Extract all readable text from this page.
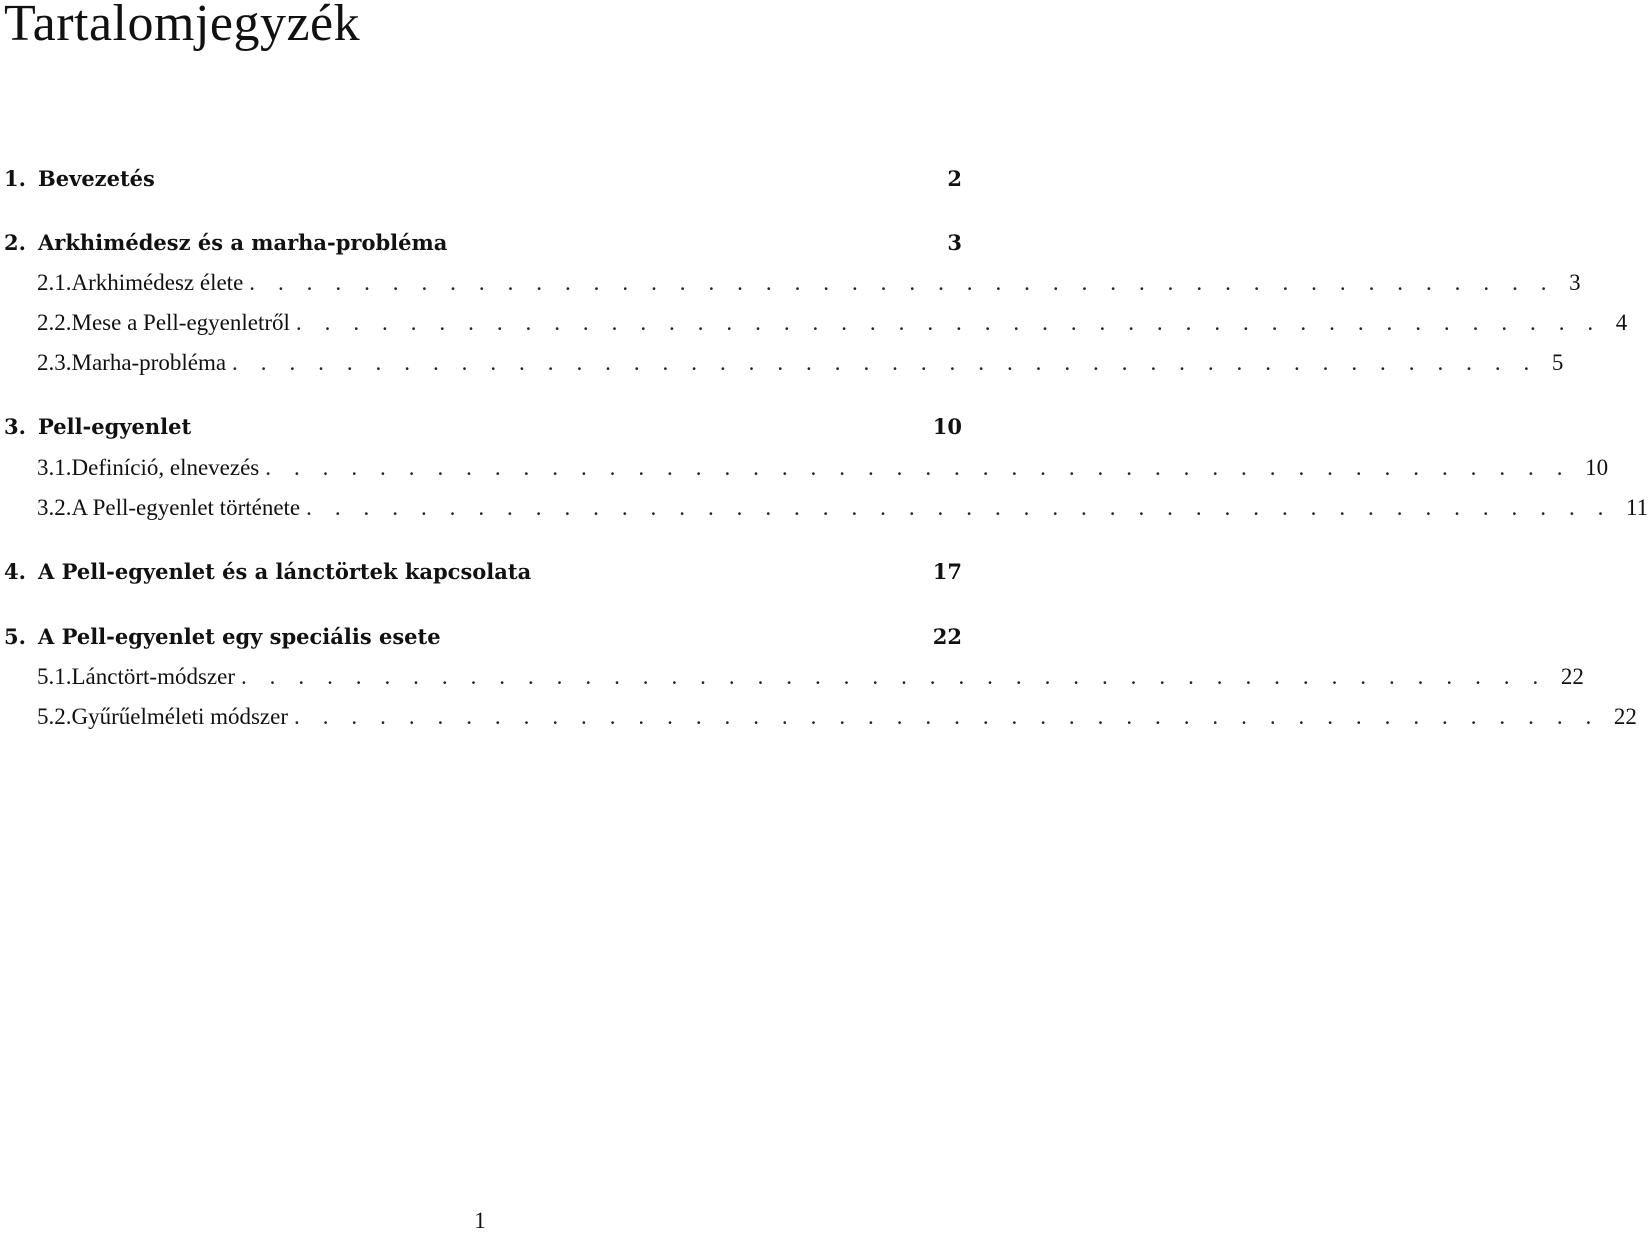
Tartalomjegyzék
1. Bevezetés	2
2. Arkhimédesz és a marha-probléma	3
2.1. Arkhimédesz élete . . . . . . . . . . . . . . . . . . . . . . . . . . . . . . . . . . . . . . . . . . . . . . 3
2.2. Mese a Pell-egyenletről . . . . . . . . . . . . . . . . . . . . . . . . . . . . . . . . . . . . . . . . . . . . . . 4
2.3. Marha-probléma . . . . . . . . . . . . . . . . . . . . . . . . . . . . . . . . . . . . . . . . . . . . . . 5
3. Pell-egyenlet	10
3.1. Definíció, elnevezés . . . . . . . . . . . . . . . . . . . . . . . . . . . . . . . . . . . . . . . . . . . . . . 10
3.2. A Pell-egyenlet története . . . . . . . . . . . . . . . . . . . . . . . . . . . . . . . . . . . . . . . . . . . . . . 11
4. A Pell-egyenlet és a lánctörtek kapcsolata	17
5. A Pell-egyenlet egy speciális esete	22
5.1. Lánctört-módszer . . . . . . . . . . . . . . . . . . . . . . . . . . . . . . . . . . . . . . . . . . . . . . 22
5.2. Gyűrűelméleti módszer . . . . . . . . . . . . . . . . . . . . . . . . . . . . . . . . . . . . . . . . . . . . . . 22
1
